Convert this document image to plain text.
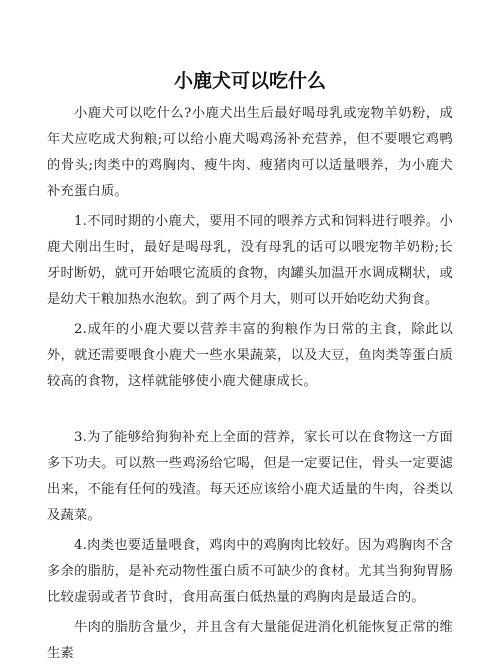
小鹿犬可以吃什么

小鹿犬可以吃什么?小鹿犬出生后最好喝母乳或宠物羊奶粉，成年犬应吃成犬狗粮;可以给小鹿犬喝鸡汤补充营养，但不要喂它鸡鸭的骨头;肉类中的鸡胸肉、瘦牛肉、瘦猪肉可以适量喂养，为小鹿犬补充蛋白质。

1.不同时期的小鹿犬，要用不同的喂养方式和饲料进行喂养。小鹿犬刚出生时，最好是喝母乳，没有母乳的话可以喂宠物羊奶粉;长牙时断奶，就可开始喂它流质的食物，肉罐头加温开水调成糊状，或是幼犬干粮加热水泡软。到了两个月大，则可以开始吃幼犬狗食。

2.成年的小鹿犬要以营养丰富的狗粮作为日常的主食，除此以外，就还需要喂食小鹿犬一些水果蔬菜，以及大豆，鱼肉类等蛋白质较高的食物，这样就能够使小鹿犬健康成长。

3.为了能够给狗狗补充上全面的营养，家长可以在食物这一方面多下功夫。可以熬一些鸡汤给它喝，但是一定要记住，骨头一定要滤出来，不能有任何的残渣。每天还应该给小鹿犬适量的牛肉，谷类以及蔬菜。

4.肉类也要适量喂食，鸡肉中的鸡胸肉比较好。因为鸡胸肉不含多余的脂肪，是补充动物性蛋白质不可缺少的食材。尤其当狗狗胃肠比较虚弱或者节食时，食用高蛋白低热量的鸡胸肉是最适合的。

牛肉的脂肪含量少，并且含有大量能促进消化机能恢复正常的维生素
